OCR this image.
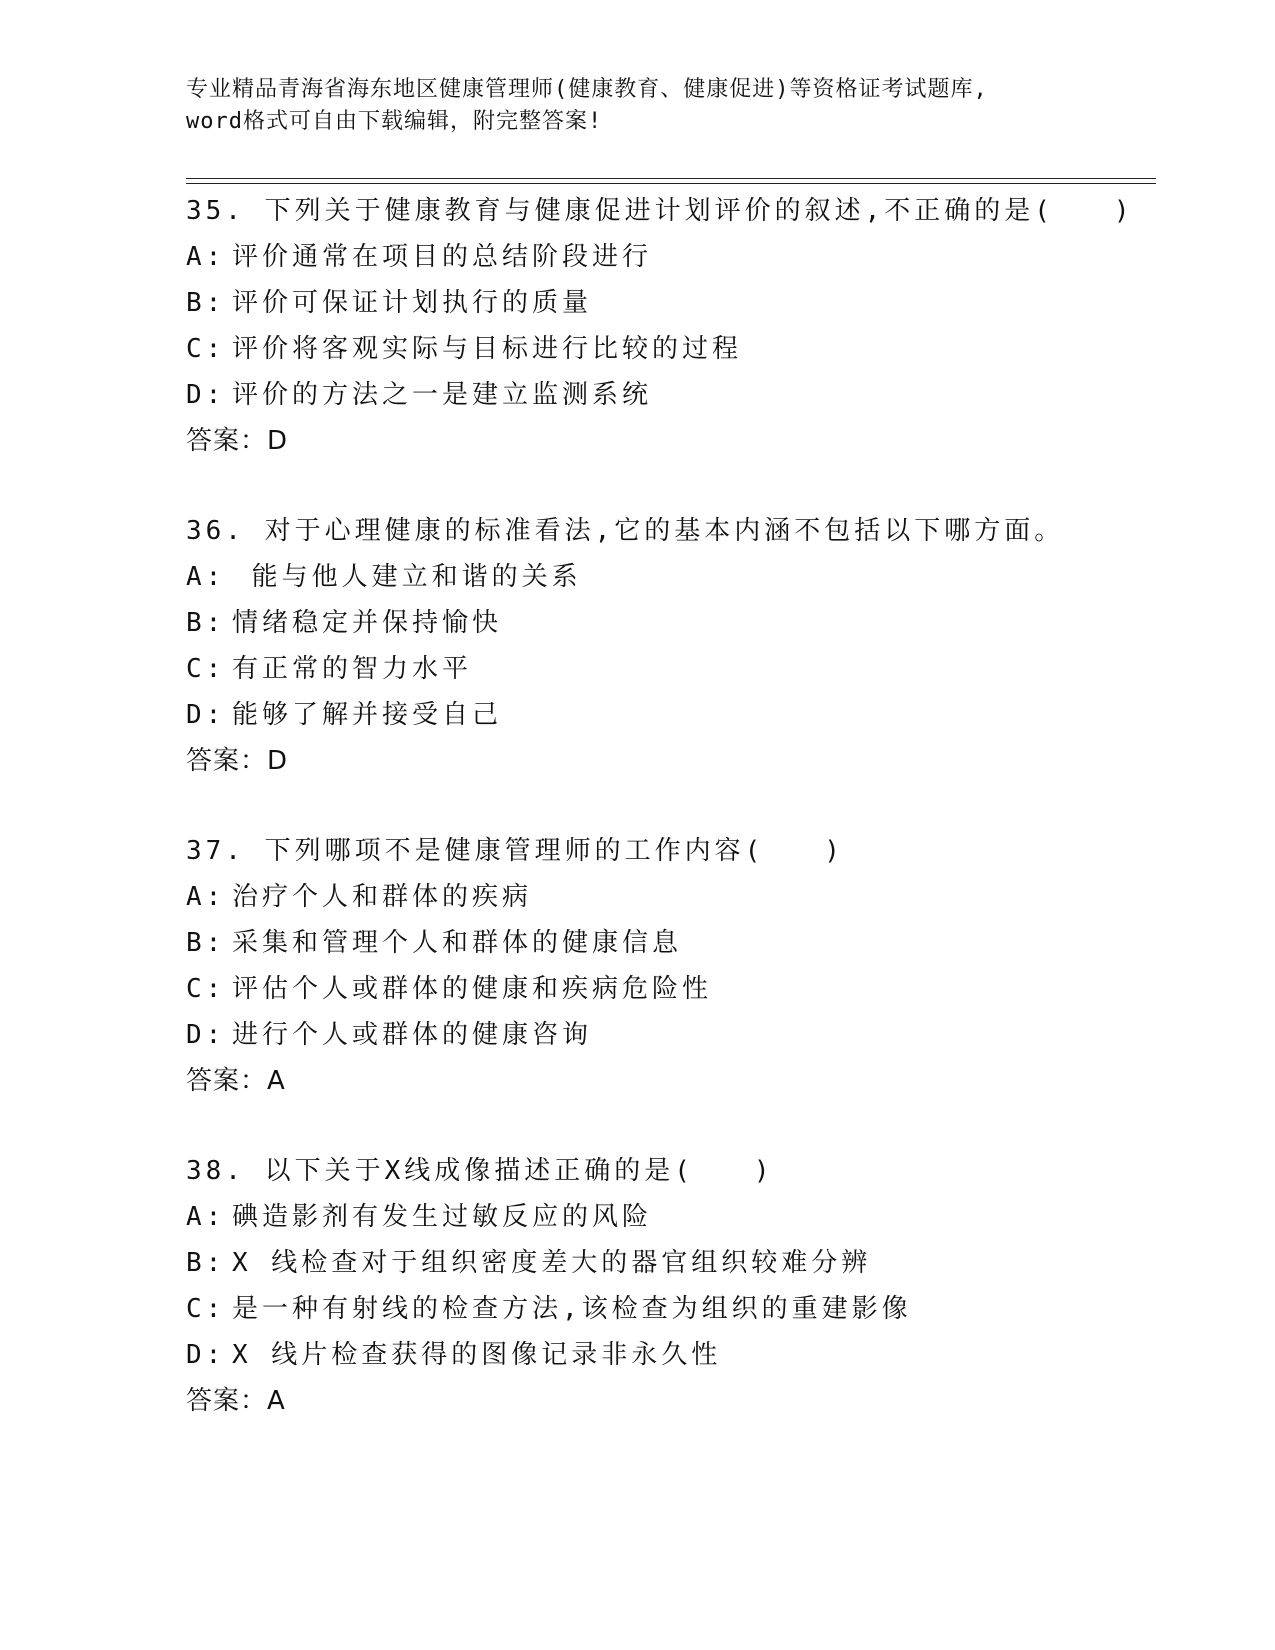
专业精品青海省海东地区健康管理师(健康教育、健康促进)等资格证考试题库,
word格式可自由下载编辑，附完整答案!
35. 下列关于健康教育与健康促进计划评价的叙述,不正确的是(　　)
A: 评价通常在项目的总结阶段进行
B: 评价可保证计划执行的质量
C: 评价将客观实际与目标进行比较的过程
D: 评价的方法之一是建立监测系统
答案：D
36. 对于心理健康的标准看法,它的基本内涵不包括以下哪方面。
A: 能与他人建立和谐的关系
B: 情绪稳定并保持愉快
C: 有正常的智力水平
D: 能够了解并接受自己
答案：D
37. 下列哪项不是健康管理师的工作内容(　　)
A: 治疗个人和群体的疾病
B: 采集和管理个人和群体的健康信息
C: 评估个人或群体的健康和疾病危险性
D: 进行个人或群体的健康咨询
答案：A
38. 以下关于X线成像描述正确的是(　　)
A: 碘造影剂有发生过敏反应的风险
B: X 线检查对于组织密度差大的器官组织较难分辨
C: 是一种有射线的检查方法,该检查为组织的重建影像
D: X 线片检查获得的图像记录非永久性
答案：A
